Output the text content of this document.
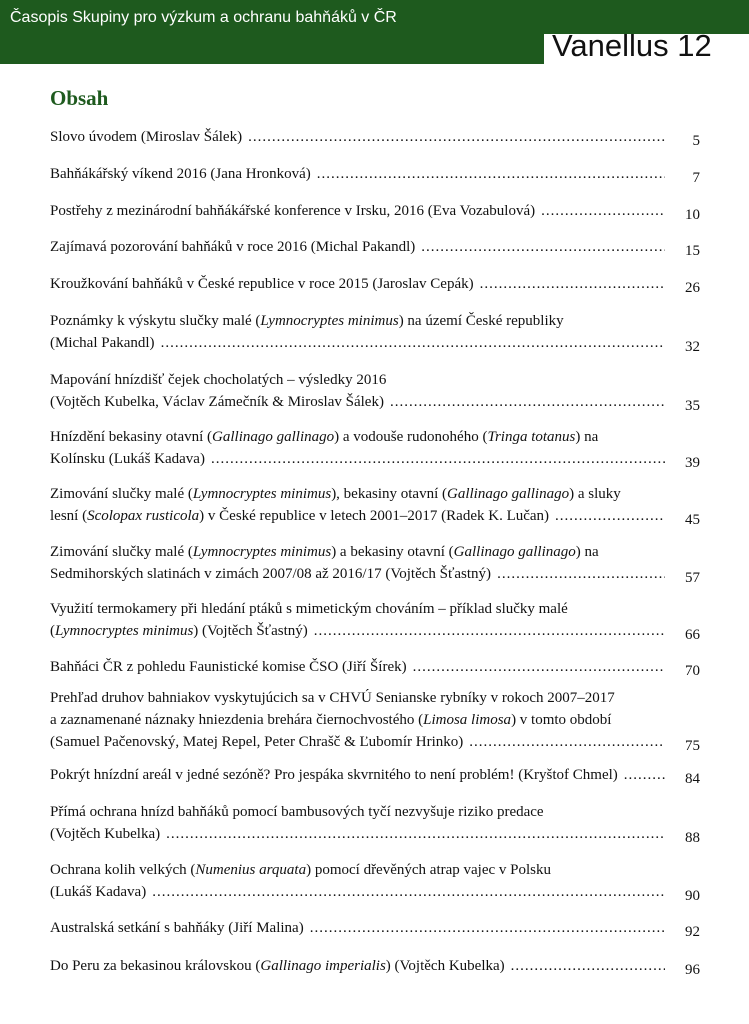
Časopis Skupiny pro výzkum a ochranu bahňáků v ČR
Vanellus 12
Obsah
Slovo úvodem (Miroslav Šálek) .....	5
Bahňákářský víkend 2016 (Jana Hronková) .....	7
Postřehy z mezinárodní bahňákářské konference v Irsku, 2016 (Eva Vozabulová) .....	10
Zajímavá pozorování bahňáků v roce 2016 (Michal Pakandl) .....	15
Kroužkování bahňáků v České republice v roce 2015 (Jaroslav Cepák) .....	26
Poznámky k výskytu slučky malé (Lymnocryptes minimus) na území České republiky
(Michal Pakandl) .....	32
Mapování hnízdišť čejek chocholatých – výsledky 2016
(Vojtěch Kubelka, Václav Zámečník & Miroslav Šálek) .....	35
Hnízdění bekasiny otavní (Gallinago gallinago) a vodouše rudonohého (Tringa totanus) na
Kolínsku (Lukáš Kadava) .....	39
Zimování slučky malé (Lymnocryptes minimus), bekasiny otavní (Gallinago gallinago) a sluky
lesní (Scolopax rusticola) v České republice v letech 2001–2017 (Radek K. Lučan) .....	45
Zimování slučky malé (Lymnocryptes minimus) a bekasiny otavní (Gallinago gallinago) na
Sedmihorských slatinách v zimách 2007/08 až 2016/17 (Vojtěch Šťastný) .....	57
Využití termokamery při hledání ptáků s mimetickým chováním – příklad slučky malé
(Lymnocryptes minimus) (Vojtěch Šťastný) .....	66
Bahňáci ČR z pohledu Faunistické komise ČSO (Jiří Šírek) .....	70
Prehľad druhov bahniakov vyskytujúcich sa v CHVÚ Senianske rybníky v rokoch 2007–2017
a zaznamenané náznaky hniezdenia brehára čiernochvostého (Limosa limosa) v tomto období
(Samuel Pačenovský, Matej Repel, Peter Chrašč & Ľubomír Hrinko) .....	75
Pokrýt hnízdní areál v jedné sezóně? Pro jespáka skvrnitého to není problém! (Kryštof Chmel) .....	84
Přímá ochrana hnízd bahňáků pomocí bambusových tyčí nezvyšuje riziko predace
(Vojtěch Kubelka) .....	88
Ochrana kolih velkých (Numenius arquata) pomocí dřevěných atrap vajec v Polsku
(Lukáš Kadava) .....	90
Australská setkání s bahňáky (Jiří Malina) .....	92
Do Peru za bekasinou královskou (Gallinago imperialis) (Vojtěch Kubelka) .....	96
